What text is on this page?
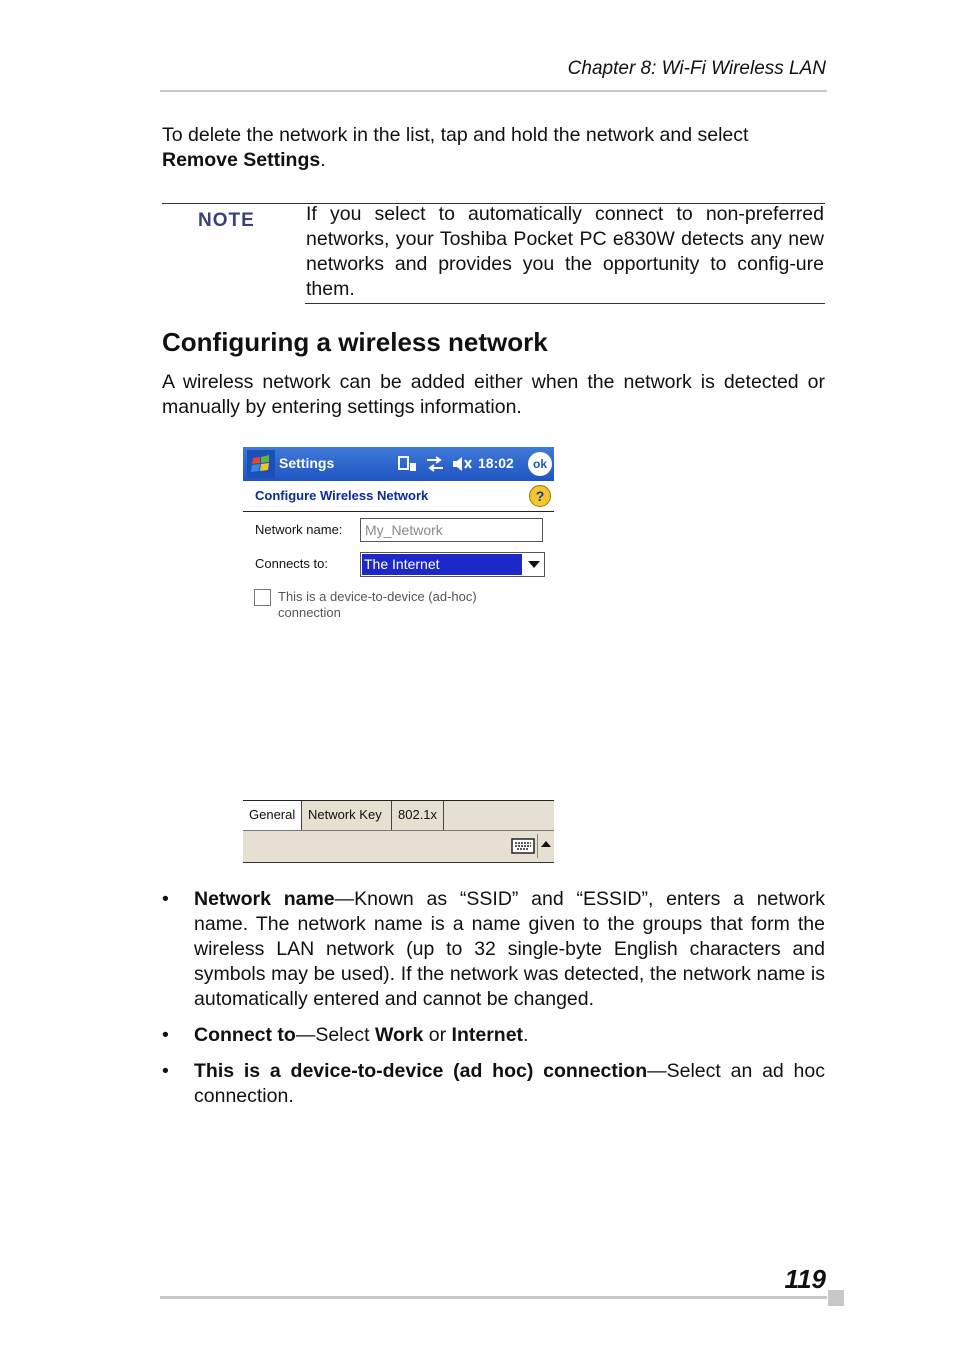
Chapter 8: Wi-Fi Wireless LAN
To delete the network in the list, tap and hold the network and select
Remove Settings.
NOTE	If you select to automatically connect to non-preferred networks, your Toshiba Pocket PC e830W detects any new networks and provides you the opportunity to config-ure them.
Configuring a wireless network
A wireless network can be added either when the network is detected or manually by entering settings information.
Settings	18:02	ok
Configure Wireless Network	?
Network name:	My_Network
Connects to:	The Internet
This is a device-to-device (ad-hoc) connection
General Network Key	802.1x
• Network name—Known as “SSID” and “ESSID”, enters a network name. The network name is a name given to the groups that form the wireless LAN network (up to 32 single-byte English characters and symbols may be used). If the network was detected, the network name is automatically entered and cannot be changed.
• Connect to—Select Work or Internet.
• This is a device-to-device (ad hoc) connection—Select an ad hoc connection.
119
